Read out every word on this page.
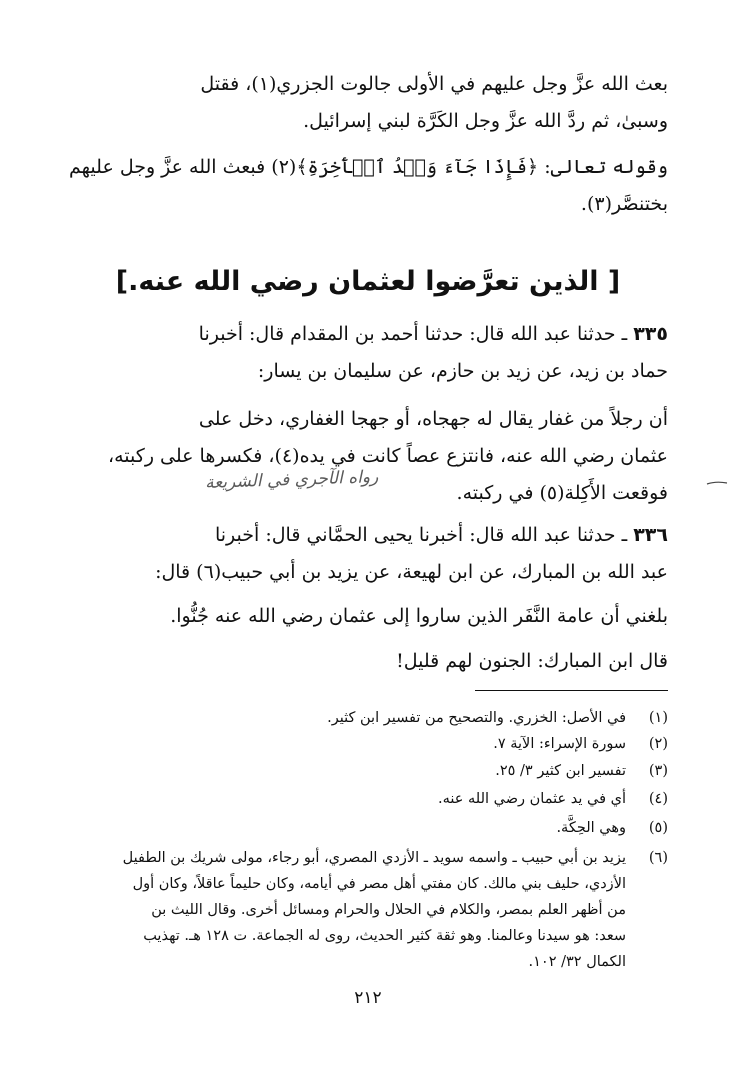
بعث الله عزَّ وجل عليهم في الأولى جالوت الجزري(١)، فقتل
وسبىٰ، ثم ردَّ الله عزَّ وجل الكَرَّة لبني إسرائيل.
وقوله تعالى: ﴿فَإِذَا جَآءَ وَعۡدُ ٱلۡأٓخِرَةِ﴾(٢) فبعث الله عزَّ وجل عليهم
بختنصَّر(٣).
[ الذين تعرَّضوا لعثمان رضي الله عنه.]
٣٣٥ ـ حدثنا عبد الله قال: حدثنا أحمد بن المقدام قال: أخبرنا
حماد بن زيد، عن زيد بن حازم، عن سليمان بن يسار:
أن رجلاً من غفار يقال له جهجاه، أو جهجا الغفاري، دخل على
عثمان رضي الله عنه، فانتزع عصاً كانت في يده(٤)، فكسرها على ركبته،
فوقعت الأَكِلة(٥) في ركبته.
رواه الآجري في الشريعة
٣٣٦ ـ حدثنا عبد الله قال: أخبرنا يحيى الحمَّاني قال: أخبرنا
عبد الله بن المبارك، عن ابن لهيعة، عن يزيد بن أبي حبيب(٦) قال:
بلغني أن عامة النَّفَر الذين ساروا إلى عثمان رضي الله عنه جُنُّوا.
قال ابن المبارك: الجنون لهم قليل!
(١)
في الأصل: الخزري. والتصحيح من تفسير ابن كثير.
(٢)
سورة الإسراء: الآية ٧.
(٣)
تفسير ابن كثير ٣/ ٢٥.
(٤)
أي في يد عثمان رضي الله عنه.
(٥)
وهي الحِكَّة.
(٦)
يزيد بن أبي حبيب ـ واسمه سويد ـ الأزدي المصري، أبو رجاء، مولى شريك بن الطفيل
الأزدي، حليف بني مالك. كان مفتي أهل مصر في أيامه، وكان حليماً عاقلاً، وكان أول
من أظهر العلم بمصر، والكلام في الحلال والحرام ومسائل أخرى. وقال الليث بن
سعد: هو سيدنا وعالمنا. وهو ثقة كثير الحديث، روى له الجماعة. ت ١٢٨ هـ. تهذيب
الكمال ٣٢/ ١٠٢.
٢١٢
